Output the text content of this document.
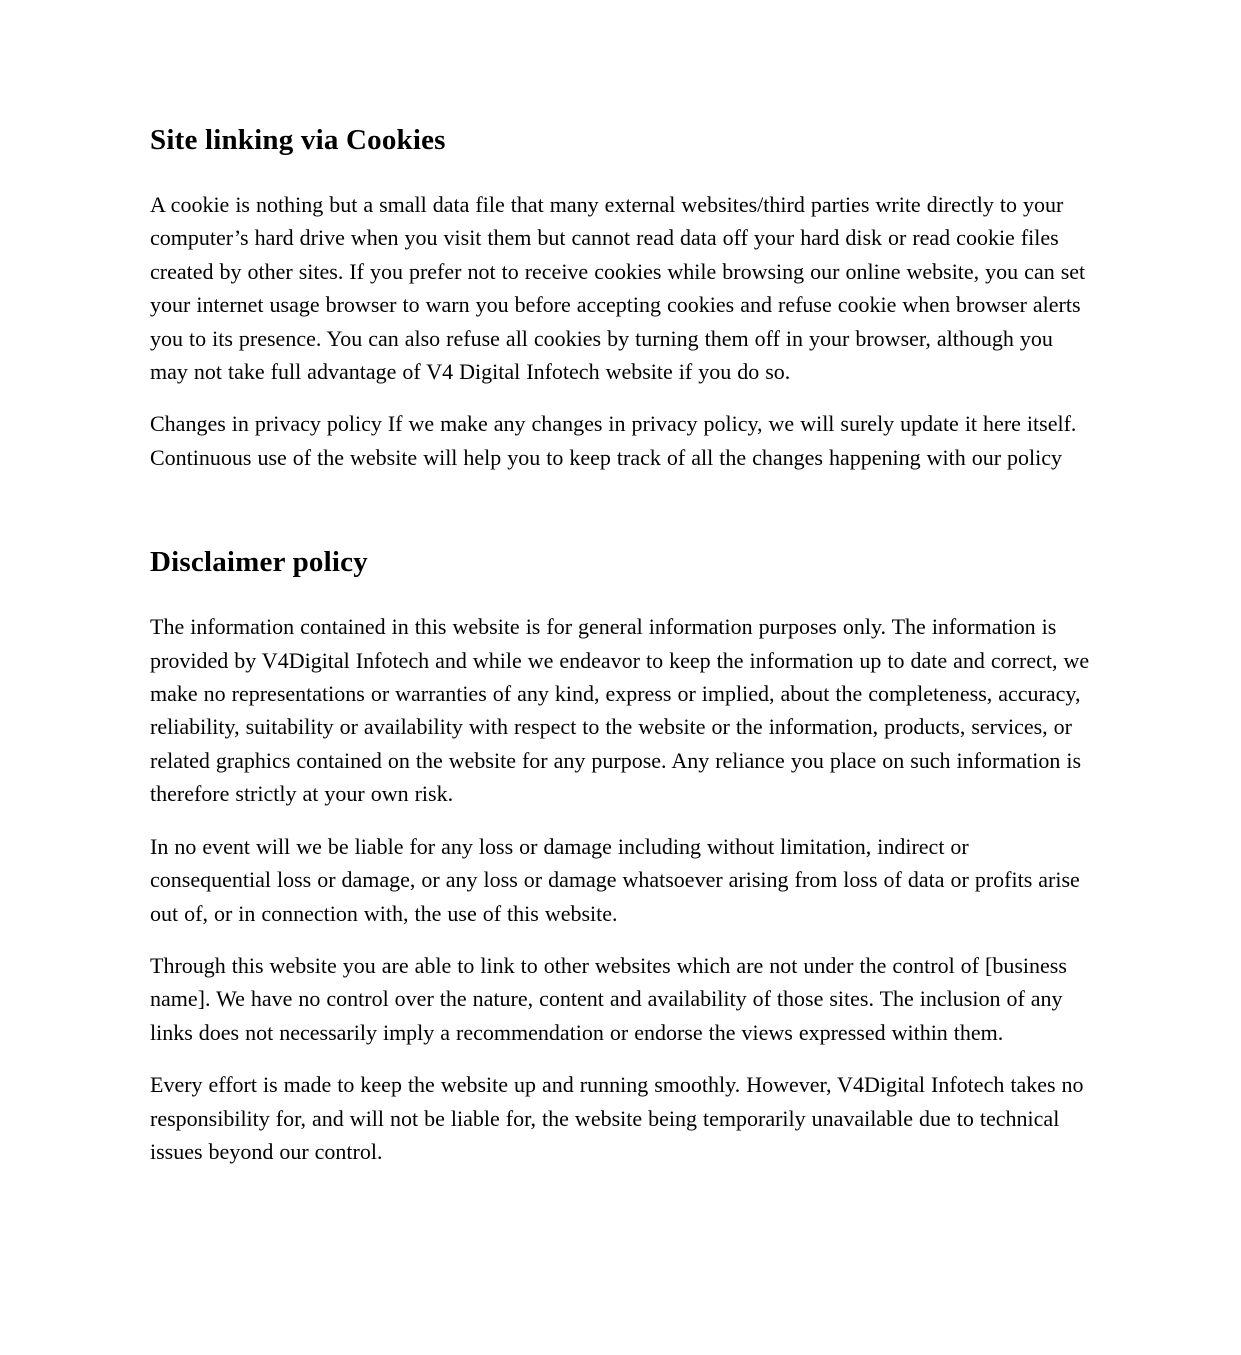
Site linking via Cookies

A cookie is nothing but a small data file that many external websites/third parties write directly to your computer’s hard drive when you visit them but cannot read data off your hard disk or read cookie files created by other sites. If you prefer not to receive cookies while browsing our online website, you can set your internet usage browser to warn you before accepting cookies and refuse cookie when browser alerts you to its presence. You can also refuse all cookies by turning them off in your browser, although you may not take full advantage of V4 Digital Infotech website if you do so.

Changes in privacy policy If we make any changes in privacy policy, we will surely update it here itself. Continuous use of the website will help you to keep track of all the changes happening with our policy

Disclaimer policy

The information contained in this website is for general information purposes only. The information is provided by V4Digital Infotech and while we endeavor to keep the information up to date and correct, we make no representations or warranties of any kind, express or implied, about the completeness, accuracy, reliability, suitability or availability with respect to the website or the information, products, services, or related graphics contained on the website for any purpose. Any reliance you place on such information is therefore strictly at your own risk.

In no event will we be liable for any loss or damage including without limitation, indirect or consequential loss or damage, or any loss or damage whatsoever arising from loss of data or profits arise out of, or in connection with, the use of this website.

Through this website you are able to link to other websites which are not under the control of [business name]. We have no control over the nature, content and availability of those sites. The inclusion of any links does not necessarily imply a recommendation or endorse the views expressed within them.

Every effort is made to keep the website up and running smoothly. However, V4Digital Infotech takes no responsibility for, and will not be liable for, the website being temporarily unavailable due to technical issues beyond our control.
